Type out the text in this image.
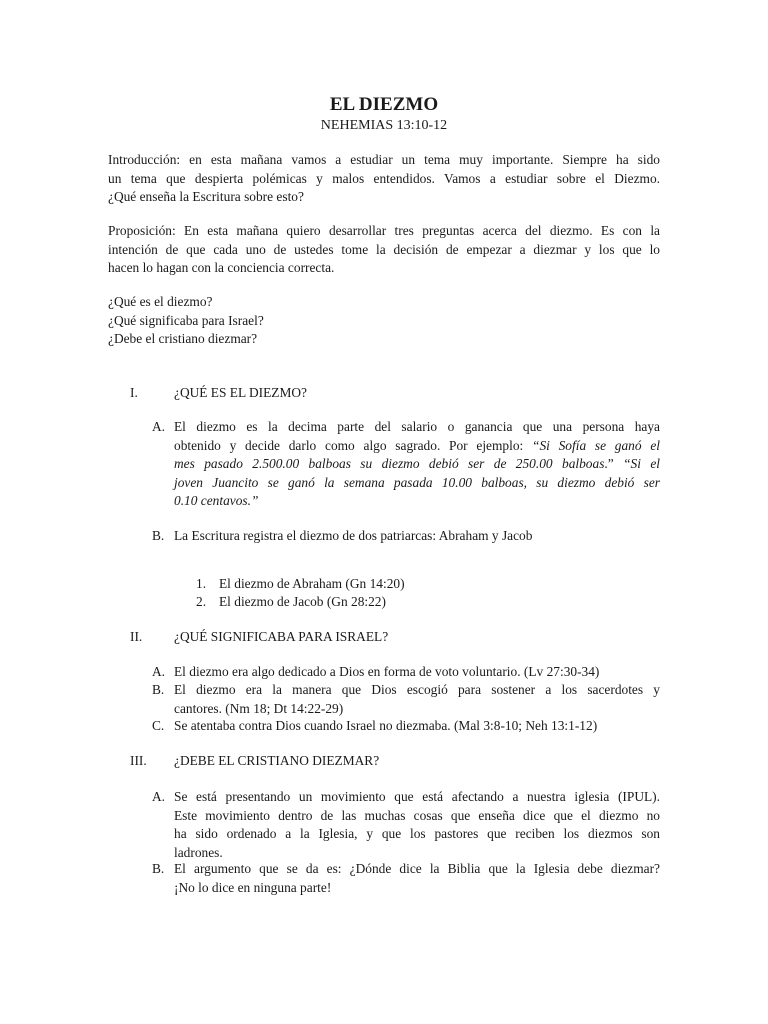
EL DIEZMO
NEHEMIAS 13:10-12
Introducción: en esta mañana vamos a estudiar un tema muy importante. Siempre ha sido
un tema que despierta polémicas y malos entendidos. Vamos a estudiar sobre el Diezmo.
¿Qué enseña la Escritura sobre esto?
Proposición: En esta mañana quiero desarrollar tres preguntas acerca del diezmo. Es con la
intención de que cada uno de ustedes tome la decisión de empezar a diezmar y los que lo
hacen lo hagan con la conciencia correcta.
¿Qué es el diezmo?
¿Qué significaba para Israel?
¿Debe el cristiano diezmar?
I.	¿QUÉ ES EL DIEZMO?
A. El diezmo es la decima parte del salario o ganancia que una persona haya
obtenido y decide darlo como algo sagrado. Por ejemplo: “Si Sofía se ganó el
mes pasado 2.500.00 balboas su diezmo debió ser de 250.00 balboas.” “Si el
joven Juancito se ganó la semana pasada 10.00 balboas, su diezmo debió ser
0.10 centavos.”
B. La Escritura registra el diezmo de dos patriarcas: Abraham y Jacob
1. El diezmo de Abraham (Gn 14:20)
2. El diezmo de Jacob (Gn 28:22)
II. ¿QUÉ SIGNIFICABA PARA ISRAEL?
A. El diezmo era algo dedicado a Dios en forma de voto voluntario. (Lv 27:30-34)
B. El diezmo era la manera que Dios escogió para sostener a los sacerdotes y
cantores. (Nm 18; Dt 14:22-29)
C. Se atentaba contra Dios cuando Israel no diezmaba. (Mal 3:8-10; Neh 13:1-12)
III. ¿DEBE EL CRISTIANO DIEZMAR?
A. Se está presentando un movimiento que está afectando a nuestra iglesia (IPUL).
Este movimiento dentro de las muchas cosas que enseña dice que el diezmo no
ha sido ordenado a la Iglesia, y que los pastores que reciben los diezmos son
ladrones.
B. El argumento que se da es: ¿Dónde dice la Biblia que la Iglesia debe diezmar?
¡No lo dice en ninguna parte!
